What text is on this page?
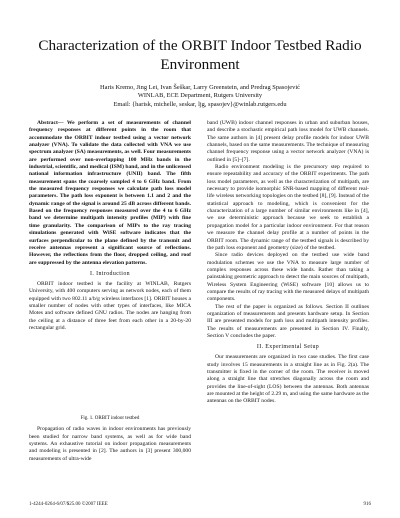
Characterization of the ORBIT Indoor Testbed Radio Environment
Haris Kremo, Jing Lei, Ivan Šeškar, Larry Greenstein, and Predrag Spasojević
WINLAB, ECE Department, Rutgers University
Email: {harisk, michelle, seskar, ljg, spasojev}@winlab.rutgers.edu

Abstract— We perform a set of measurements of channel frequency responses at different points in the room that accommodate the ORBIT indoor testbed using a vector network analyzer (VNA). To validate the data collected with VNA we use spectrum analyzer (SA) measurements, as well. Four measurements are performed over non-overlapping 100 MHz bands in the industrial, scientific, and medical (ISM) band, and in the unlicensed national information infrastructure (UNII) band. The fifth measurement spans the coarsely sampled 4 to 6 GHz band. From the measured frequency responses we calculate path loss model parameters. The path loss exponent is between 1.1 and 2 and the dynamic range of the signal is around 25 dB across different bands. Based on the frequency responses measured over the 4 to 6 GHz band we determine multipath intensity profiles (MIP) with fine time granularity. The comparison of MIPs to the ray tracing simulations generated with WiSE software indicates that the surfaces perpendicular to the plane defined by the transmit and receive antennas represent a significant source of reflections. However, the reflections from the floor, dropped ceiling, and roof are suppressed by the antenna elevation patterns.

I. Introduction

ORBIT indoor testbed is the facility at WINLAB, Rutgers University, with 400 computers serving as network nodes, each of them equipped with two 802.11 a/b/g wireless interfaces [1]. ORBIT houses a smaller number of nodes with other types of interfaces, like MICA Motes and software defined GNU radios. The nodes are hanging from the ceiling at a distance of three feet from each other in a 20-by-20 rectangular grid.

Fig. 1. ORBIT indoor testbed

Propagation of radio waves in indoor environments has previously been studied for narrow band systems, as well as for wide band systems. An exhaustive tutorial on indoor propagation measurements and modeling is presented in [2]. The authors in [3] present 300,000 measurements of ultra-wide

band (UWB) indoor channel responses in urban and suburban houses, and describe a stochastic empirical path loss model for UWB channels. The same authors in [4] present delay profile models for indoor UWB channels, based on the same measurements. The technique of measuring channel frequency response using a vector network analyzer (VNA) is outlined in [5]–[7].

Radio environment modeling is the precursory step required to ensure repeatability and accuracy of the ORBIT experiments. The path loss model parameters, as well as the characterization of multipath, are necessary to provide isomorphic SNR-based mapping of different real-life wireless networking topologies on the testbed [8], [9]. Instead of the statistical approach to modeling, which is convenient for the characterization of a large number of similar environments like in [4], we use deterministic approach because we seek to establish a propagation model for a particular indoor environment. For that reason we measure the channel delay profile at a number of points in the ORBIT room. The dynamic range of the testbed signals is described by the path loss exponent and geometry (size) of the testbed.

Since radio devices deployed on the testbed use wide band modulation schemes we use the VNA to measure large number of complex responses across these wide bands. Rather than taking a painstaking geometric approach to detect the main sources of multipath, Wireless System Engineering (WiSE) software [10] allows us to compare the results of ray tracing with the measured delays of multipath components.

The rest of the paper is organized as follows. Section II outlines organization of measurements and presents hardware setup. In Section III are presented models for path loss and multipath intensity profiles. The results of measurements are presented in Section IV. Finally, Section V concludes the paper.

II. Experimental Setup

Our measurements are organized in two case studies. The first case study involves 15 measurements in a straight line as in Fig. 2(a). The transmitter is fixed in the corner of the room. The receiver is moved along a straight line that stretches diagonally across the room and provides the line-of-sight (LOS) between the antennas. Both antennas are mounted at the height of 2.29 m, and using the same hardware as the antennas on the ORBIT nodes.

1-4244-0264-6/07/$25.00 ©2007 IEEE	916
